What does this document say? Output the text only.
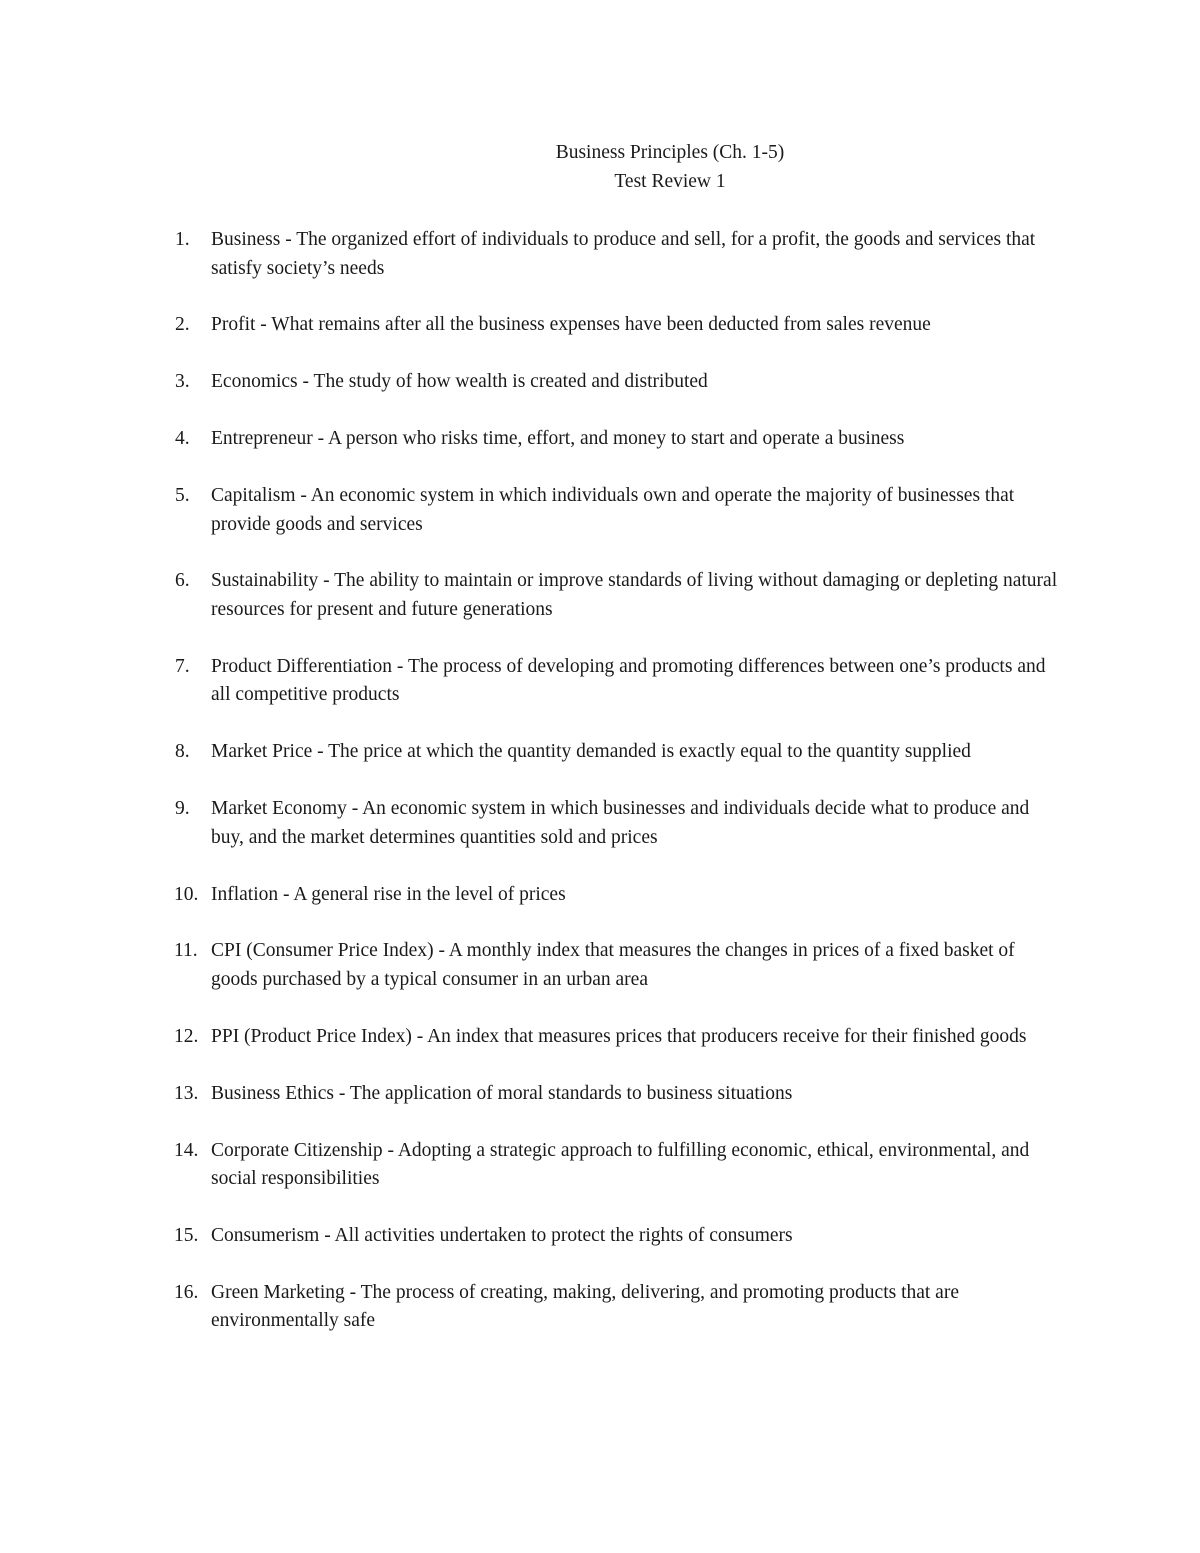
Business Principles (Ch. 1-5)
Test Review 1
1. Business - The organized effort of individuals to produce and sell, for a profit, the goods and services that satisfy society’s needs
2. Profit - What remains after all the business expenses have been deducted from sales revenue
3. Economics - The study of how wealth is created and distributed
4. Entrepreneur - A person who risks time, effort, and money to start and operate a business
5. Capitalism - An economic system in which individuals own and operate the majority of businesses that provide goods and services
6. Sustainability - The ability to maintain or improve standards of living without damaging or depleting natural resources for present and future generations
7. Product Differentiation - The process of developing and promoting differences between one’s products and all competitive products
8. Market Price - The price at which the quantity demanded is exactly equal to the quantity supplied
9. Market Economy - An economic system in which businesses and individuals decide what to produce and buy, and the market determines quantities sold and prices
10. Inflation - A general rise in the level of prices
11. CPI (Consumer Price Index) - A monthly index that measures the changes in prices of a fixed basket of goods purchased by a typical consumer in an urban area
12. PPI (Product Price Index) - An index that measures prices that producers receive for their finished goods
13. Business Ethics - The application of moral standards to business situations
14. Corporate Citizenship - Adopting a strategic approach to fulfilling economic, ethical, environmental, and social responsibilities
15. Consumerism - All activities undertaken to protect the rights of consumers
16. Green Marketing - The process of creating, making, delivering, and promoting products that are environmentally safe
